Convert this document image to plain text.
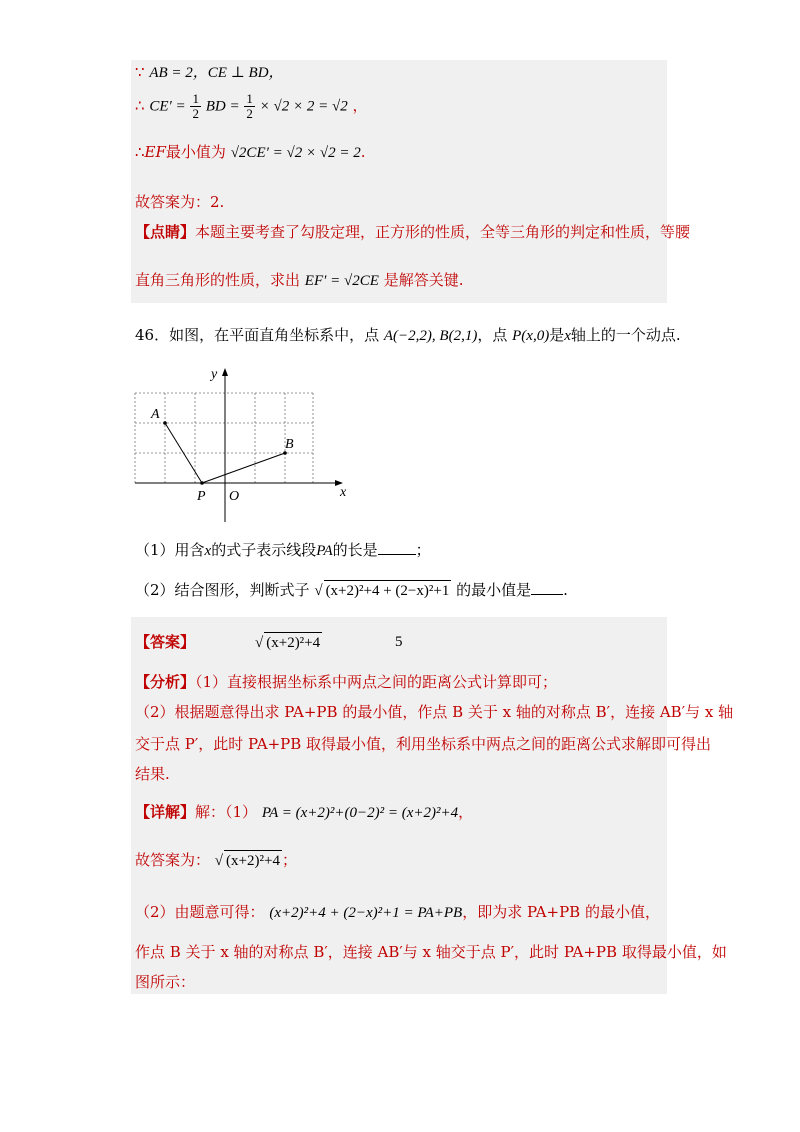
∵ AB = 2，CE ⊥ BD，
∴ $CE' = \frac{1}{2}$ BD = $\frac{1}{2} \times √2 \times 2 = √2$ ，
∴EF最小值为 √2CE′ = √2 × √2 = 2.
故答案为：2.
【点睛】本题主要考查了勾股定理，正方形的性质，全等三角形的判定和性质，等腰
直角三角形的性质，求出 EF′ = √2CE 是解答关键.
46．如图，在平面直角坐标系中，点 A(−2,2), B(2,1)，点 P(x,0)是x轴上的一个动点.
y
x
A
B
P O
（1）用含x的式子表示线段PA的长是	；
（2）结合图形，判断式子 √ (x+2)²+4 + (2−x)²+1 的最小值是 .
【答案】	√ (x+2)²+4	5
【分析】（1）直接根据坐标系中两点之间的距离公式计算即可；
（2）根据题意得出求 PA+PB 的最小值，作点 B 关于 x 轴的对称点 B′，连接 AB′与 x 轴
交于点 P′，此时 PA+PB 取得最小值，利用坐标系中两点之间的距离公式求解即可得出
结果.
【详解】解：（1） PA = (x+2)²+(0−2)² = (x+2)²+4，
故答案为： √ (x+2)²+4 ；
（2）由题意可得： (x+2)²+4 + (2−x)²+1 = PA+PB，即为求 PA+PB 的最小值，
作点 B 关于 x 轴的对称点 B′，连接 AB′与 x 轴交于点 P′，此时 PA+PB 取得最小值，如
图所示：
